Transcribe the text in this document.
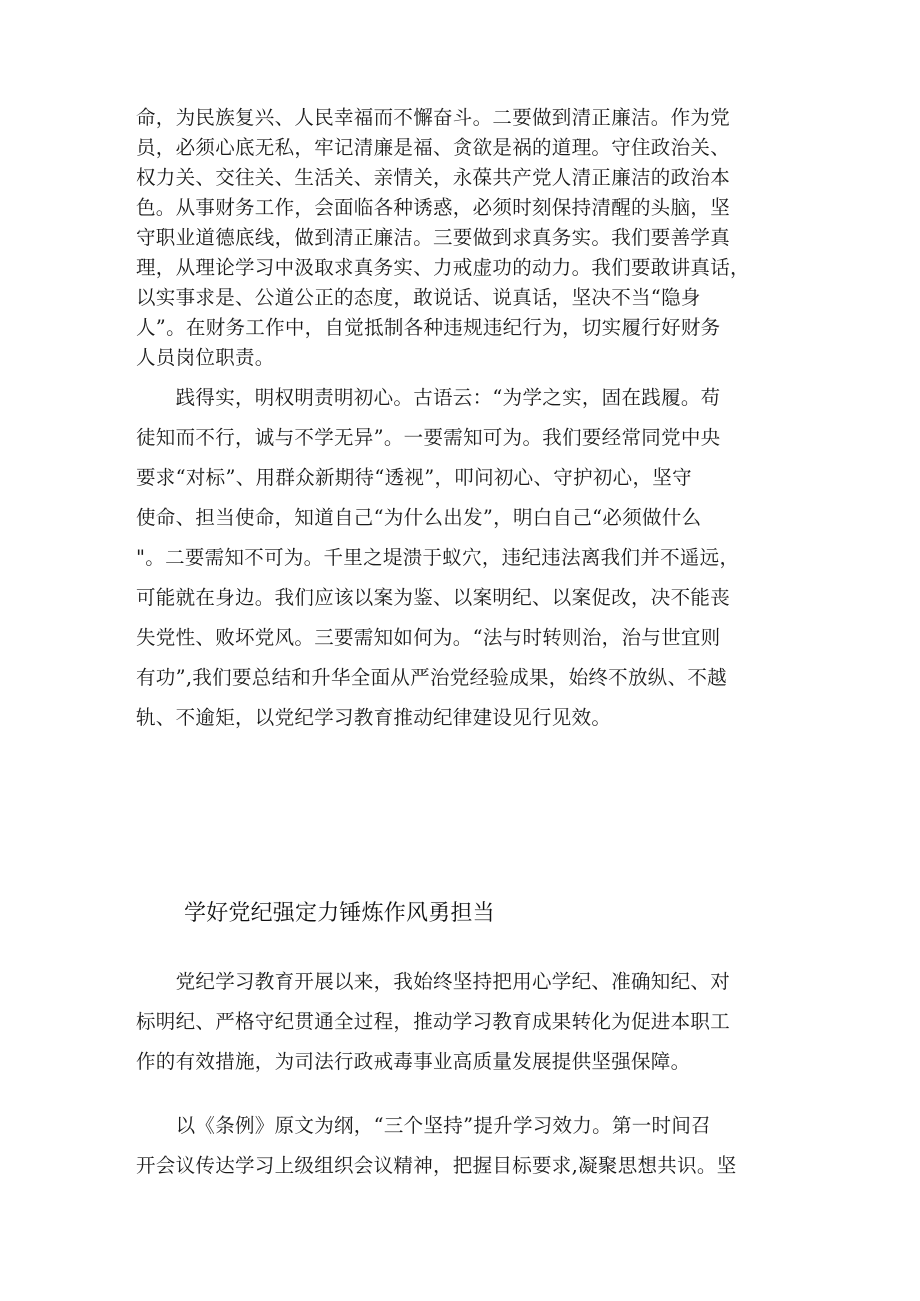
命，为民族复兴、人民幸福而不懈奋斗。二要做到清正廉洁。作为党
员，必须心底无私，牢记清廉是福、贪欲是祸的道理。守住政治关、
权力关、交往关、生活关、亲情关，永葆共产党人清正廉洁的政治本
色。从事财务工作，会面临各种诱惑，必须时刻保持清醒的头脑，坚
守职业道德底线，做到清正廉洁。三要做到求真务实。我们要善学真
理，从理论学习中汲取求真务实、力戒虚功的动力。我们要敢讲真话，
以实事求是、公道公正的态度，敢说话、说真话，坚决不当“隐身
人”。在财务工作中，自觉抵制各种违规违纪行为，切实履行好财务
人员岗位职责。

　　践得实，明权明责明初心。古语云：“为学之实，固在践履。苟
徒知而不行，诚与不学无异”。一要需知可为。我们要经常同党中央
要求“对标”、用群众新期待“透视”，叩问初心、守护初心，坚守
使命、担当使命，知道自己“为什么出发”，明白自己“必须做什么
"。二要需知不可为。千里之堤溃于蚁穴，违纪违法离我们并不遥远，
可能就在身边。我们应该以案为鉴、以案明纪、以案促改，决不能丧
失党性、败坏党风。三要需知如何为。“法与时转则治，治与世宜则
有功”,我们要总结和升华全面从严治党经验成果，始终不放纵、不越
轨、不逾矩，以党纪学习教育推动纪律建设见行见效。

学好党纪强定力锤炼作风勇担当

　　党纪学习教育开展以来，我始终坚持把用心学纪、准确知纪、对
标明纪、严格守纪贯通全过程，推动学习教育成果转化为促进本职工
作的有效措施，为司法行政戒毒事业高质量发展提供坚强保障。

　　以《条例》原文为纲，“三个坚持”提升学习效力。第一时间召
开会议传达学习上级组织会议精神，把握目标要求,凝聚思想共识。坚
